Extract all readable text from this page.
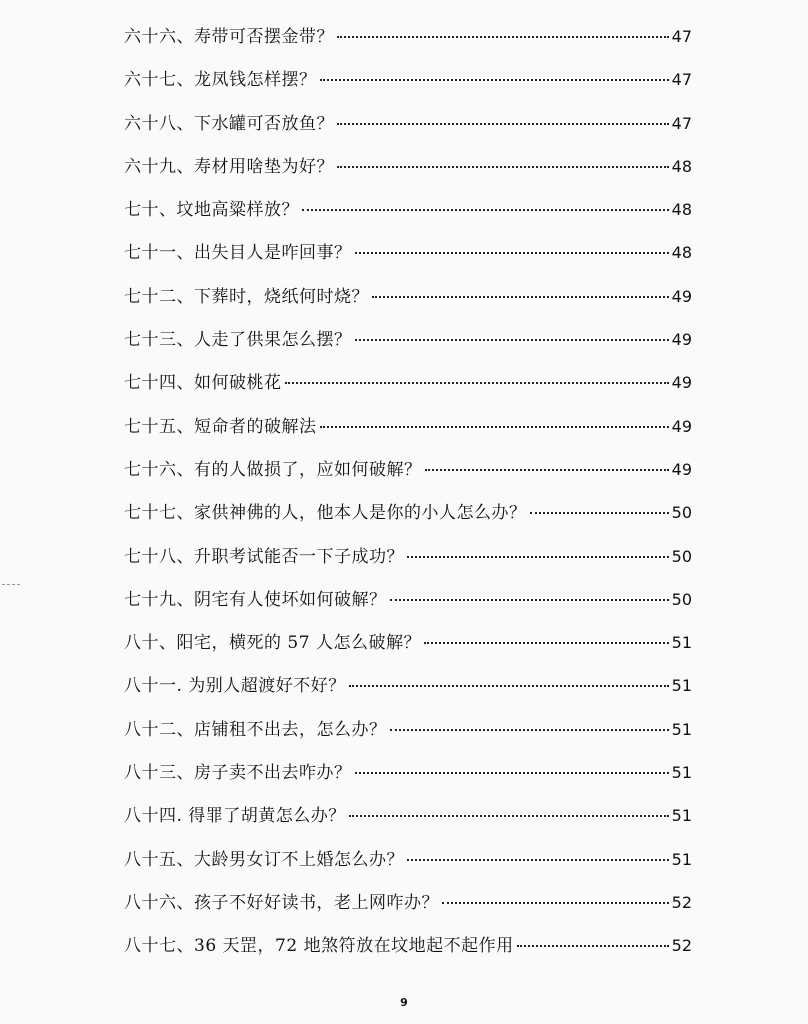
六十六、寿带可否摆金带？	47
六十七、龙凤钱怎样摆？	47
六十八、下水罐可否放鱼？	47
六十九、寿材用啥垫为好？	48
七十、坟地高粱样放？	48
七十一、出失目人是咋回事？	48
七十二、下葬时，烧纸何时烧？	49
七十三、人走了供果怎么摆？	49
七十四、如何破桃花	49
七十五、短命者的破解法	49
七十六、有的人做损了，应如何破解？	49
七十七、家供神佛的人，他本人是你的小人怎么办？	50
七十八、升职考试能否一下子成功？	50
七十九、阴宅有人使坏如何破解？	50
八十、阳宅，横死的 57 人怎么破解？	51
八十一. 为别人超渡好不好？	51
八十二、店铺租不出去，怎么办？	51
八十三、房子卖不出去咋办？	51
八十四. 得罪了胡黄怎么办？	51
八十五、大龄男女订不上婚怎么办？	51
八十六、孩子不好好读书，老上网咋办？	52
八十七、36 天罡，72 地煞符放在坟地起不起作用	52
9
